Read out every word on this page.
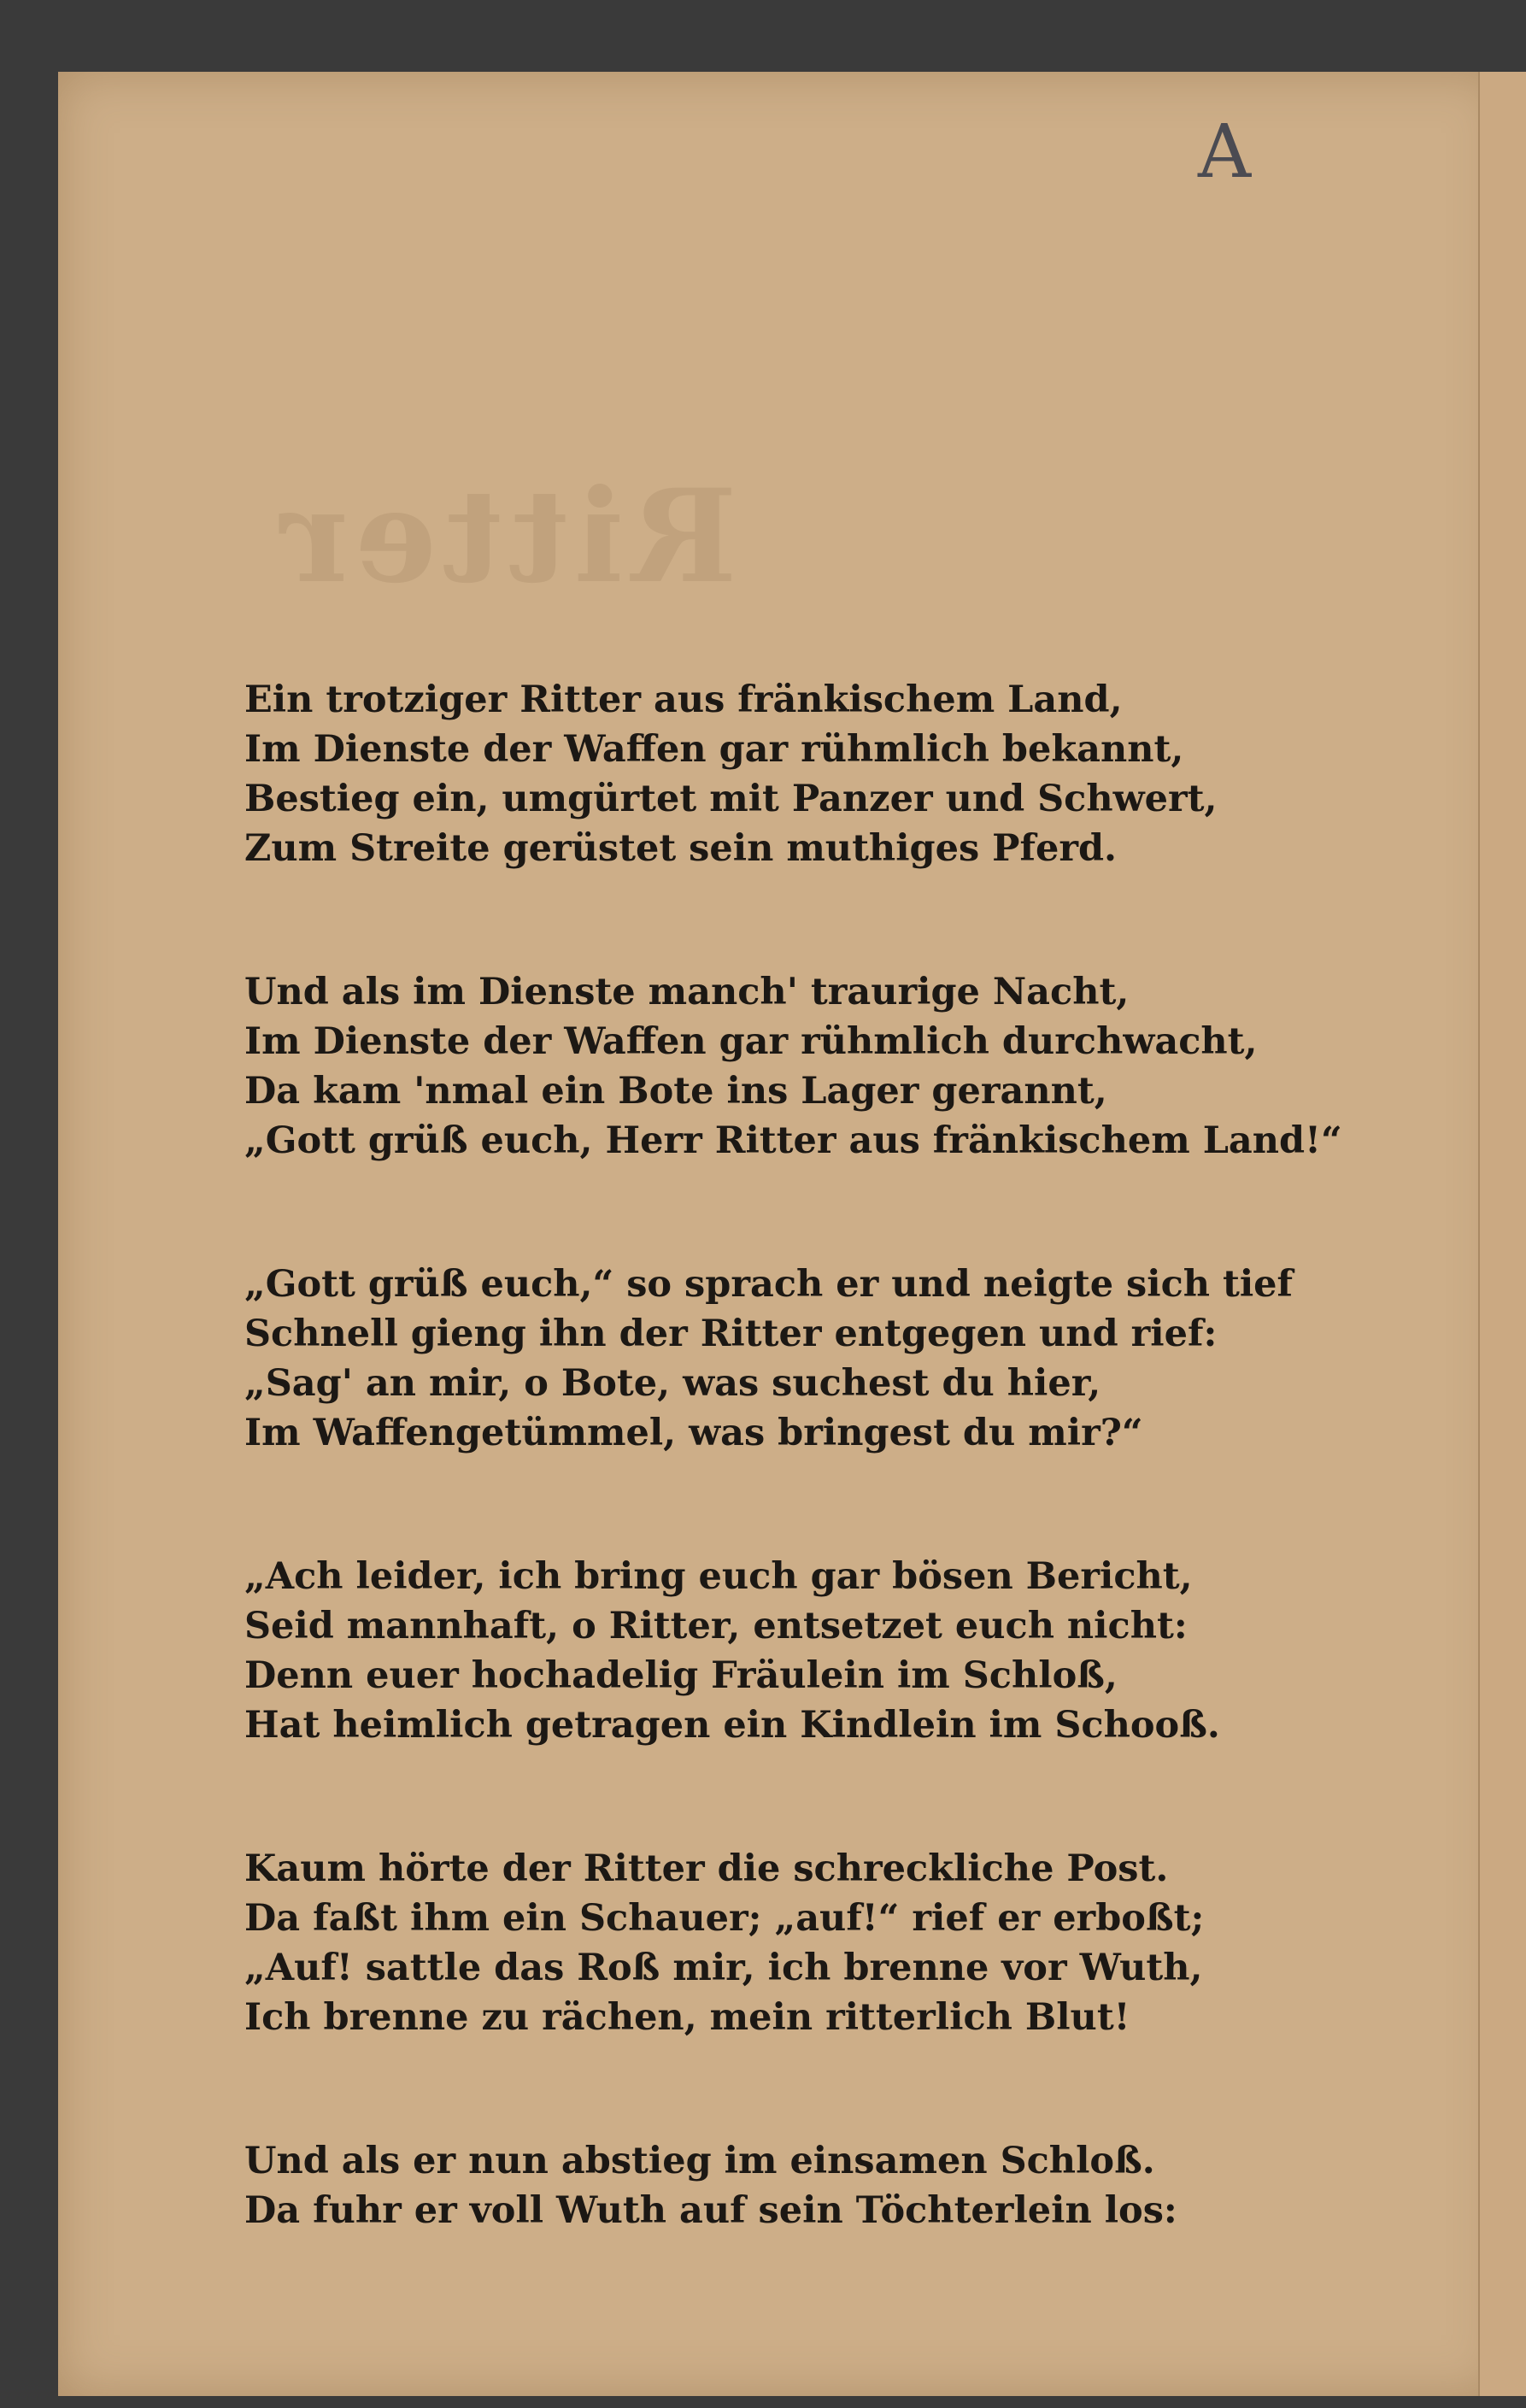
Ritter
A
Ein trotziger Ritter aus fränkischem Land,
Im Dienste der Waffen gar rühmlich bekannt,
Bestieg ein, umgürtet mit Panzer und Schwert,
Zum Streite gerüstet sein muthiges Pferd.
Und als im Dienste manch' traurige Nacht,
Im Dienste der Waffen gar rühmlich durchwacht,
Da kam 'nmal ein Bote ins Lager gerannt,
„Gott grüß euch, Herr Ritter aus fränkischem Land!“
„Gott grüß euch,“ so sprach er und neigte sich tief
Schnell gieng ihn der Ritter entgegen und rief:
„Sag' an mir, o Bote, was suchest du hier,
Im Waffengetümmel, was bringest du mir?“
„Ach leider, ich bring euch gar bösen Bericht,
Seid mannhaft, o Ritter, entsetzet euch nicht:
Denn euer hochadelig Fräulein im Schloß,
Hat heimlich getragen ein Kindlein im Schooß.
Kaum hörte der Ritter die schreckliche Post.
Da faßt ihm ein Schauer; „auf!“ rief er erboßt;
„Auf! sattle das Roß mir, ich brenne vor Wuth,
Ich brenne zu rächen, mein ritterlich Blut!
Und als er nun abstieg im einsamen Schloß.
Da fuhr er voll Wuth auf sein Töchterlein los:
